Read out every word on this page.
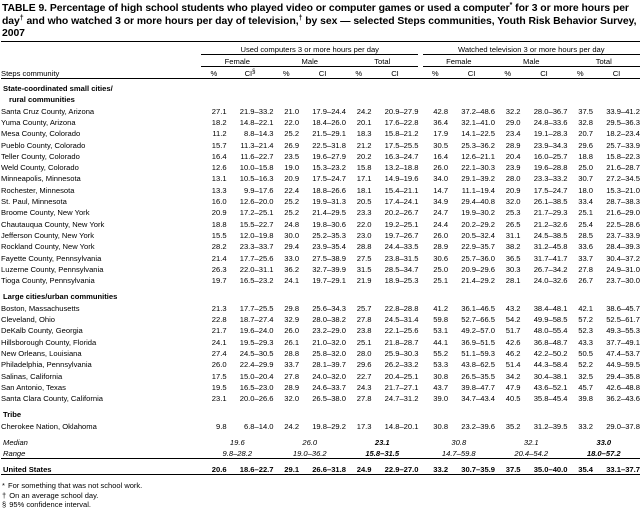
TABLE 9. Percentage of high school students who played video or computer games or used a computer* for 3 or more hours per day† and who watched 3 or more hours per day of television,† by sex — selected Steps communities, Youth Risk Behavior Survey, 2007

	Used computers 3 or more hours per day							Watched television 3 or more hours per day					

	Female		Male		Total			Female		Male		Total	

Steps community	%	CI§	%	CI	%	CI		%	CI	%	CI	%	CI

State-coordinated small cities/													
rural communities													
Santa Cruz County, Arizona	27.1	21.9–33.2	21.0	17.9–24.4	24.2	20.9–27.9		42.8	37.2–48.6	32.2	28.0–36.7	37.5	33.9–41.2
Yuma County, Arizona	18.2	14.8–22.1	22.0	18.4–26.0	20.1	17.6–22.8		36.4	32.1–41.0	29.0	24.8–33.6	32.8	29.5–36.3
Mesa County, Colorado	11.2	8.8–14.3	25.2	21.5–29.1	18.3	15.8–21.2		17.9	14.1–22.5	23.4	19.1–28.3	20.7	18.2–23.4
Pueblo County, Colorado	15.7	11.3–21.4	26.9	22.5–31.8	21.2	17.5–25.5		30.5	25.3–36.2	28.9	23.9–34.3	29.6	25.7–33.9
Teller County, Colorado	16.4	11.6–22.7	23.5	19.6–27.9	20.2	16.3–24.7		16.4	12.6–21.1	20.4	16.0–25.7	18.8	15.8–22.3
Weld County, Colorado	12.6	10.0–15.8	19.0	15.3–23.2	15.8	13.2–18.8		26.0	22.1–30.3	23.9	19.6–28.8	25.0	21.6–28.7
Minneapolis, Minnesota	13.1	10.5–16.3	20.9	17.5–24.7	17.1	14.9–19.6		34.0	29.1–39.2	28.0	23.3–33.2	30.7	27.2–34.5
Rochester, Minnesota	13.3	9.9–17.6	22.4	18.8–26.6	18.1	15.4–21.1		14.7	11.1–19.4	20.9	17.5–24.7	18.0	15.3–21.0
St. Paul, Minnesota	16.0	12.6–20.0	25.2	19.9–31.3	20.5	17.4–24.1		34.9	29.4–40.8	32.0	26.1–38.5	33.4	28.7–38.3
Broome County, New York	20.9	17.2–25.1	25.2	21.4–29.5	23.3	20.2–26.7		24.7	19.9–30.2	25.3	21.7–29.3	25.1	21.6–29.0
Chautauqua County, New York	18.8	15.5–22.7	24.8	19.8–30.6	22.0	19.2–25.1		24.4	20.2–29.2	26.5	21.2–32.6	25.4	22.5–28.6
Jefferson County, New York	15.5	12.0–19.8	30.0	25.2–35.3	23.0	19.7–26.7		26.0	20.5–32.4	31.1	24.5–38.5	28.5	23.7–33.9
Rockland County, New York	28.2	23.3–33.7	29.4	23.9–35.4	28.8	24.4–33.5		28.9	22.9–35.7	38.2	31.2–45.8	33.6	28.4–39.3
Fayette County, Pennsylvania	21.4	17.7–25.6	33.0	27.5–38.9	27.5	23.8–31.5		30.6	25.7–36.0	36.5	31.7–41.7	33.7	30.4–37.2
Luzerne County, Pennsylvania	26.3	22.0–31.1	36.2	32.7–39.9	31.5	28.5–34.7		25.0	20.9–29.6	30.3	26.7–34.2	27.8	24.9–31.0
Tioga County, Pennsylvania	19.7	16.5–23.2	24.1	19.7–29.1	21.9	18.9–25.3		25.1	21.4–29.2	28.1	24.0–32.6	26.7	23.7–30.0

Large cities/urban communities													
Boston, Massachusetts	21.3	17.7–25.5	29.8	25.6–34.3	25.7	22.8–28.8		41.2	36.1–46.5	43.2	38.4–48.1	42.1	38.6–45.7
Cleveland, Ohio	22.8	18.7–27.4	32.9	28.0–38.2	27.8	24.5–31.4		59.8	52.7–66.5	54.2	49.9–58.5	57.2	52.5–61.7
DeKalb County, Georgia	21.7	19.6–24.0	26.0	23.2–29.0	23.8	22.1–25.6		53.1	49.2–57.0	51.7	48.0–55.4	52.3	49.3–55.3
Hillsborough County, Florida	24.1	19.5–29.3	26.1	21.0–32.0	25.1	21.8–28.7		44.1	36.9–51.5	42.6	36.8–48.7	43.3	37.7–49.1
New Orleans, Louisiana	27.4	24.5–30.5	28.8	25.8–32.0	28.0	25.9–30.3		55.2	51.1–59.3	46.2	42.2–50.2	50.5	47.4–53.7
Philadelphia, Pennsylvania	26.0	22.4–29.9	33.7	28.1–39.7	29.6	26.2–33.2		53.3	43.8–62.5	51.4	44.3–58.4	52.2	44.9–59.5
Salinas, California	17.5	15.0–20.4	27.8	24.0–32.0	22.7	20.4–25.1		30.8	26.5–35.5	34.2	30.4–38.1	32.5	29.4–35.8
San Antonio, Texas	19.5	16.5–23.0	28.9	24.6–33.7	24.3	21.7–27.1		43.7	39.8–47.7	47.9	43.6–52.1	45.7	42.6–48.8
Santa Clara County, California	23.1	20.0–26.6	32.0	26.5–38.0	27.8	24.7–31.2		39.0	34.7–43.4	40.5	35.8–45.4	39.8	36.2–43.6

Tribe													
Cherokee Nation, Oklahoma	9.8	6.8–14.0	24.2	19.8–29.2	17.3	14.8–20.1		30.8	23.2–39.6	35.2	31.2–39.5	33.2	29.0–37.8

Median	19.6		26.0		23.1			30.8		32.1		33.0	
Range	9.8–28.2		19.0–36.2		15.8–31.5			14.7–59.8		20.4–54.2		18.0–57.2	

United States	20.6	18.6–22.7	29.1	26.6–31.8	24.9	22.9–27.0		33.2	30.7–35.9	37.5	35.0–40.0	35.4	33.1–37.7

* For something that was not school work.
† On an average school day.
§ 95% confidence interval.
